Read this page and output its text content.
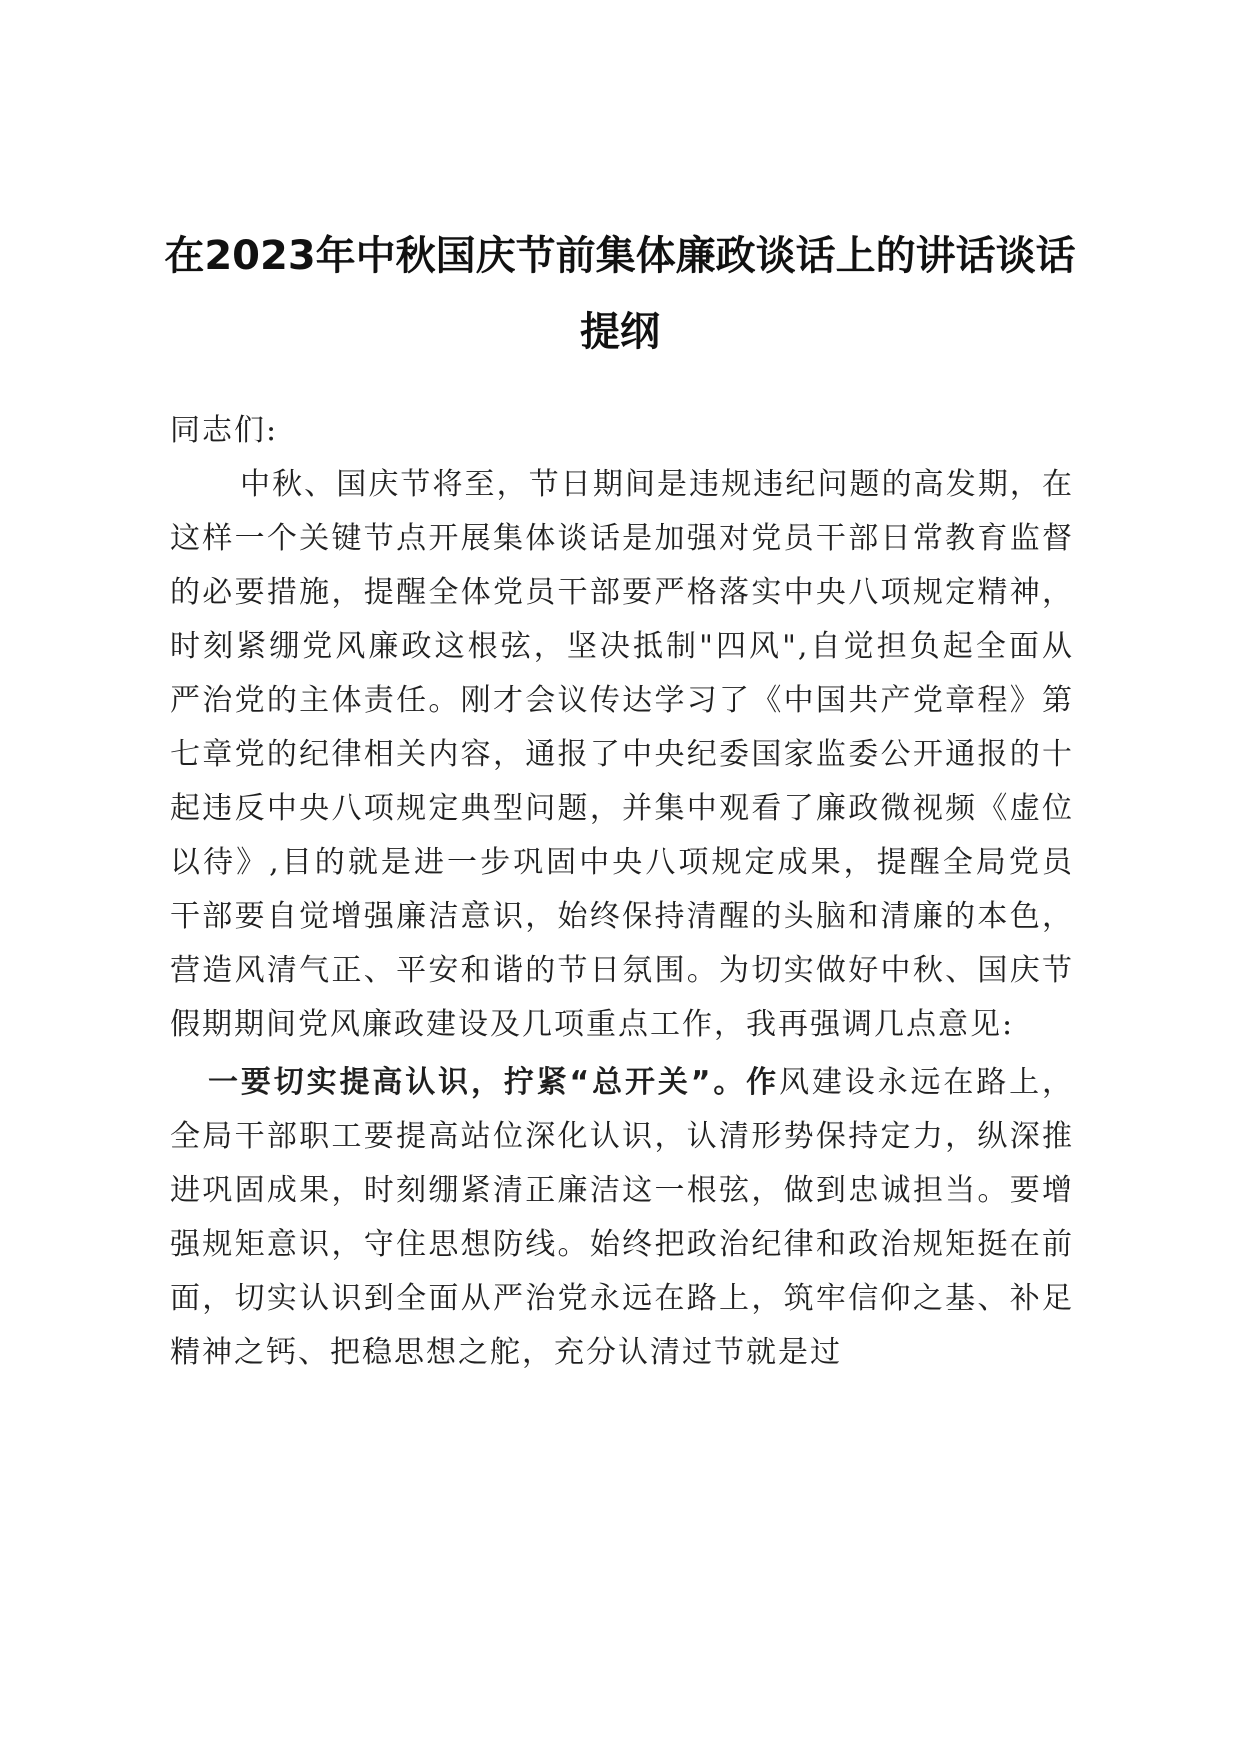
在2023年中秋国庆节前集体廉政谈话上的讲话谈话提纲

同志们:

中秋、国庆节将至，节日期间是违规违纪问题的高发期，在这样一个关键节点开展集体谈话是加强对党员干部日常教育监督的必要措施，提醒全体党员干部要严格落实中央八项规定精神，时刻紧绷党风廉政这根弦，坚决抵制"四风",自觉担负起全面从严治党的主体责任。刚才会议传达学习了《中国共产党章程》第七章党的纪律相关内容，通报了中央纪委国家监委公开通报的十起违反中央八项规定典型问题，并集中观看了廉政微视频《虚位以待》,目的就是进一步巩固中央八项规定成果，提醒全局党员干部要自觉增强廉洁意识，始终保持清醒的头脑和清廉的本色，营造风清气正、平安和谐的节日氛围。为切实做好中秋、国庆节假期期间党风廉政建设及几项重点工作，我再强调几点意见:

一要切实提高认识，拧紧“总开关”。作风建设永远在路上，全局干部职工要提高站位深化认识，认清形势保持定力，纵深推进巩固成果，时刻绷紧清正廉洁这一根弦，做到忠诚担当。要增强规矩意识，守住思想防线。始终把政治纪律和政治规矩挺在前面，切实认识到全面从严治党永远在路上，筑牢信仰之基、补足精神之钙、把稳思想之舵，充分认清过节就是过
